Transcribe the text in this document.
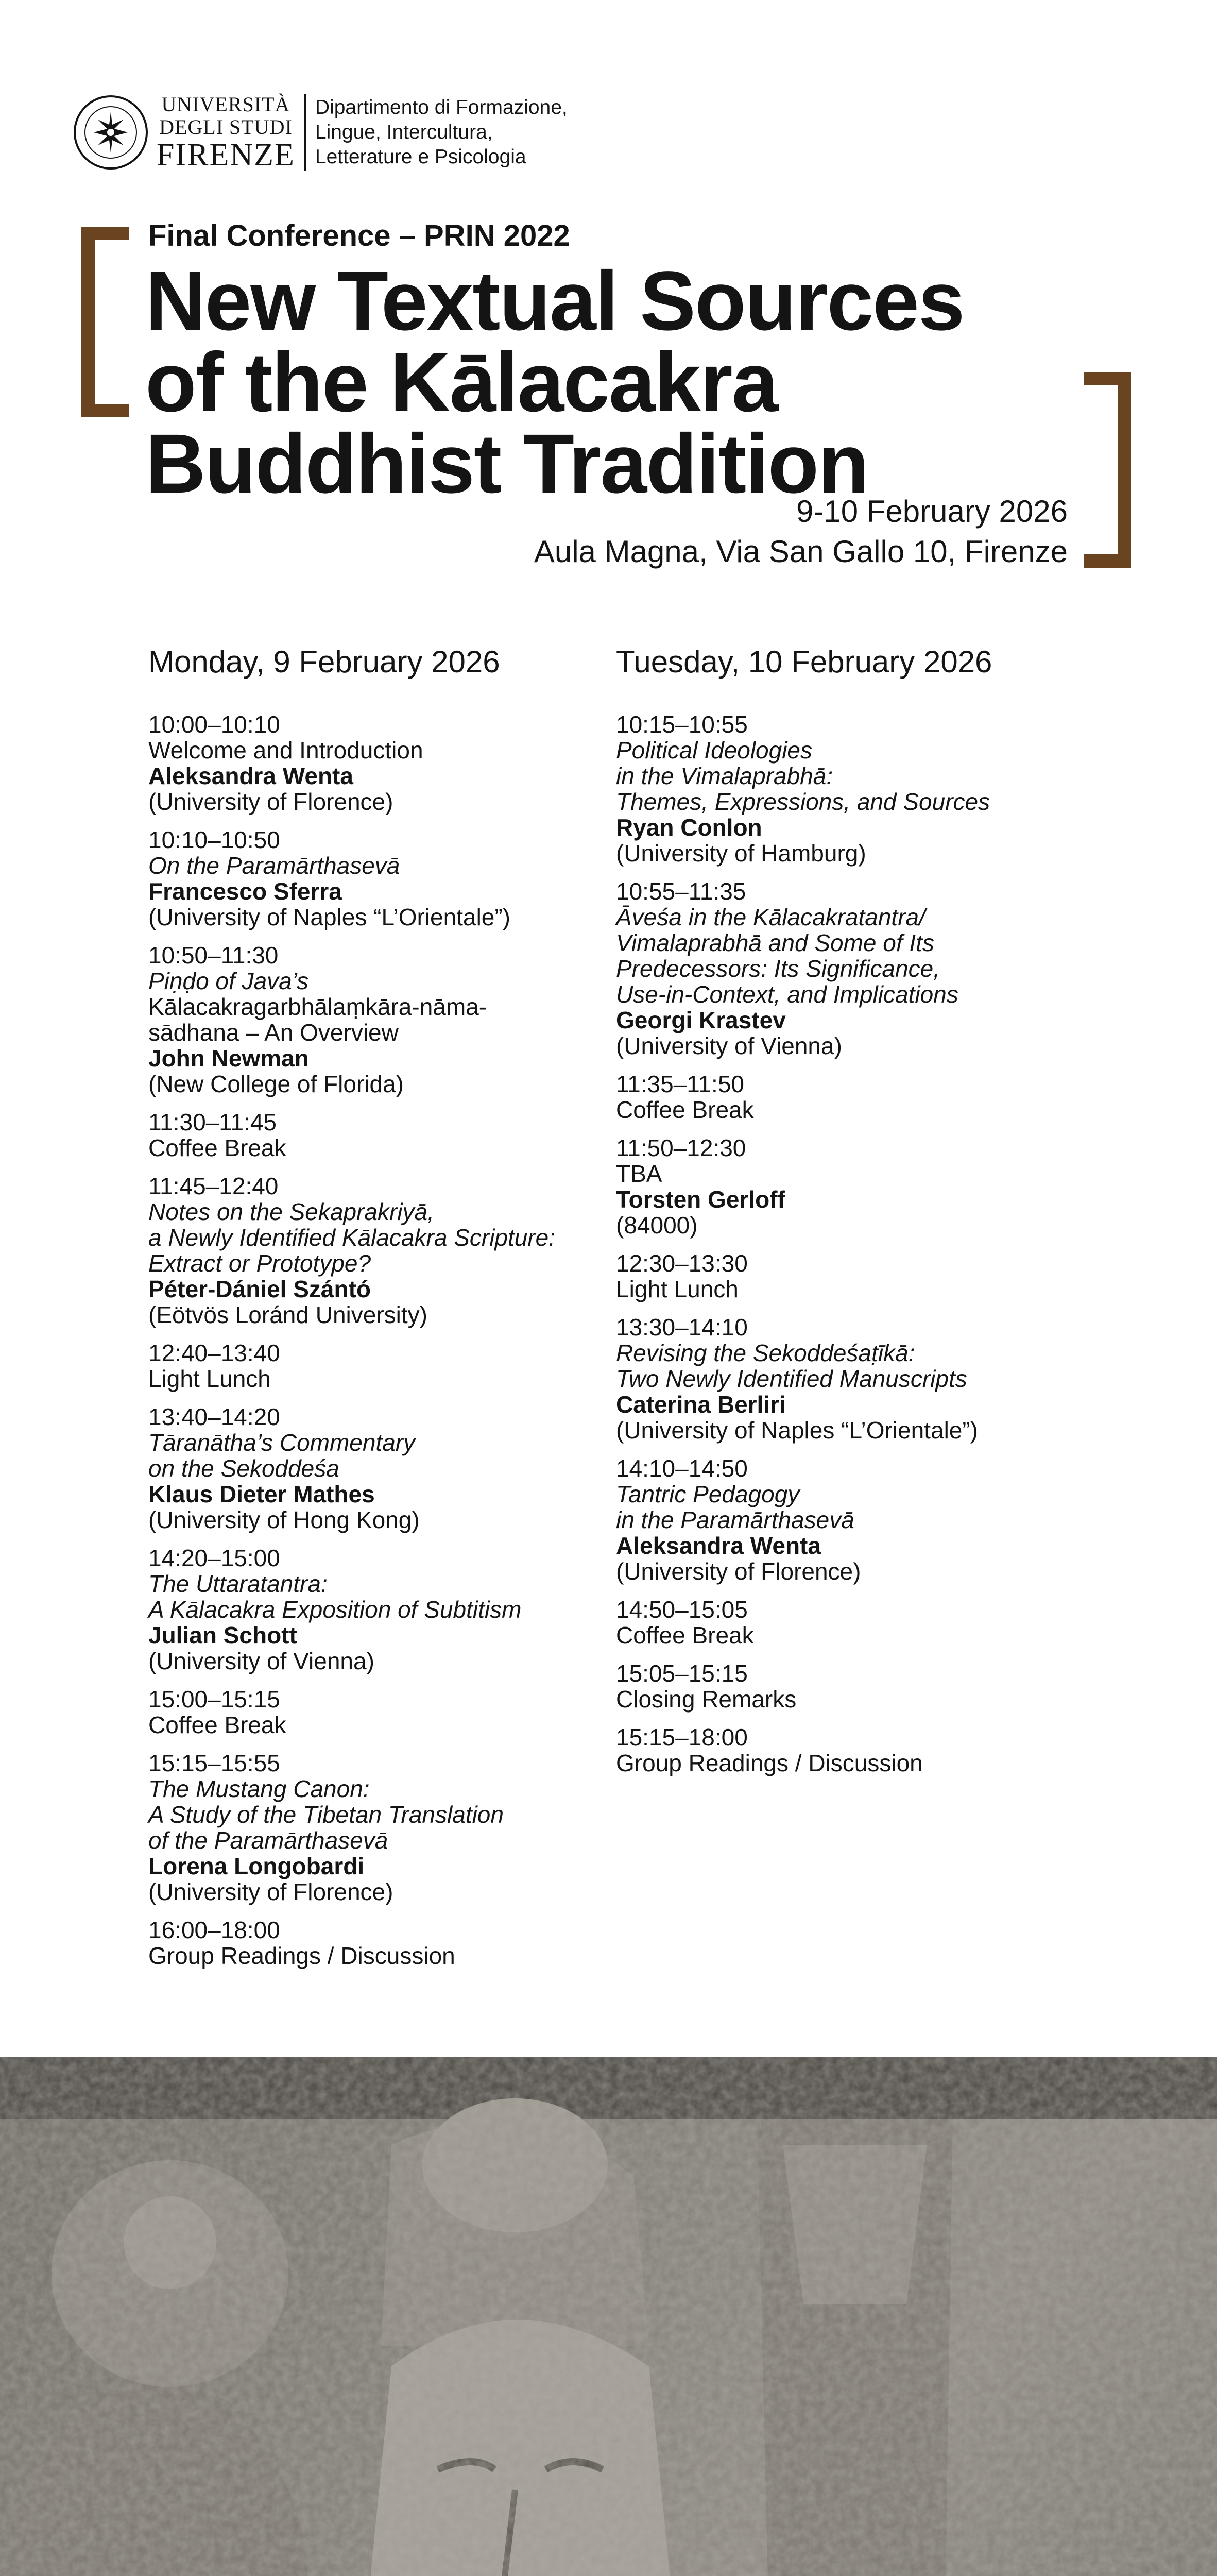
UNIVERSITÀ
DEGLI STUDI
FIRENZE
Dipartimento di Formazione,
Lingue, Intercultura,
Letterature e Psicologia
Final Conference – PRIN 2022
New Textual Sources
of the Kālacakra
Buddhist Tradition
9-10 February 2026
Aula Magna, Via San Gallo 10, Firenze
Monday, 9 February 2026
10:00–10:10
Welcome and Introduction
Aleksandra Wenta
(University of Florence)
10:10–10:50
On the Paramārthasevā
Francesco Sferra
(University of Naples “L’Orientale”)
10:50–11:30
Piṇḍo of Java’s
Kālacakragarbhālaṃkāra-nāma-
sādhana – An Overview
John Newman
(New College of Florida)
11:30–11:45
Coffee Break
11:45–12:40
Notes on the Sekaprakriyā,
a Newly Identified Kālacakra Scripture:
Extract or Prototype?
Péter-Dániel Szántó
(Eötvös Loránd University)
12:40–13:40
Light Lunch
13:40–14:20
Tāranātha’s Commentary
on the Sekoddeśa
Klaus Dieter Mathes
(University of Hong Kong)
14:20–15:00
The Uttaratantra:
A Kālacakra Exposition of Subtitism
Julian Schott
(University of Vienna)
15:00–15:15
Coffee Break
15:15–15:55
The Mustang Canon:
A Study of the Tibetan Translation
of the Paramārthasevā
Lorena Longobardi
(University of Florence)
16:00–18:00
Group Readings / Discussion
Tuesday, 10 February 2026
10:15–10:55
Political Ideologies
in the Vimalaprabhā:
Themes, Expressions, and Sources
Ryan Conlon
(University of Hamburg)
10:55–11:35
Āveśa in the Kālacakratantra/
Vimalaprabhā and Some of Its
Predecessors: Its Significance,
Use-in-Context, and Implications
Georgi Krastev
(University of Vienna)
11:35–11:50
Coffee Break
11:50–12:30
TBA
Torsten Gerloff
(84000)
12:30–13:30
Light Lunch
13:30–14:10
Revising the Sekoddeśaṭīkā:
Two Newly Identified Manuscripts
Caterina Berliri
(University of Naples “L’Orientale”)
14:10–14:50
Tantric Pedagogy
in the Paramārthasevā
Aleksandra Wenta
(University of Florence)
14:50–15:05
Coffee Break
15:05–15:15
Closing Remarks
15:15–18:00
Group Readings / Discussion
